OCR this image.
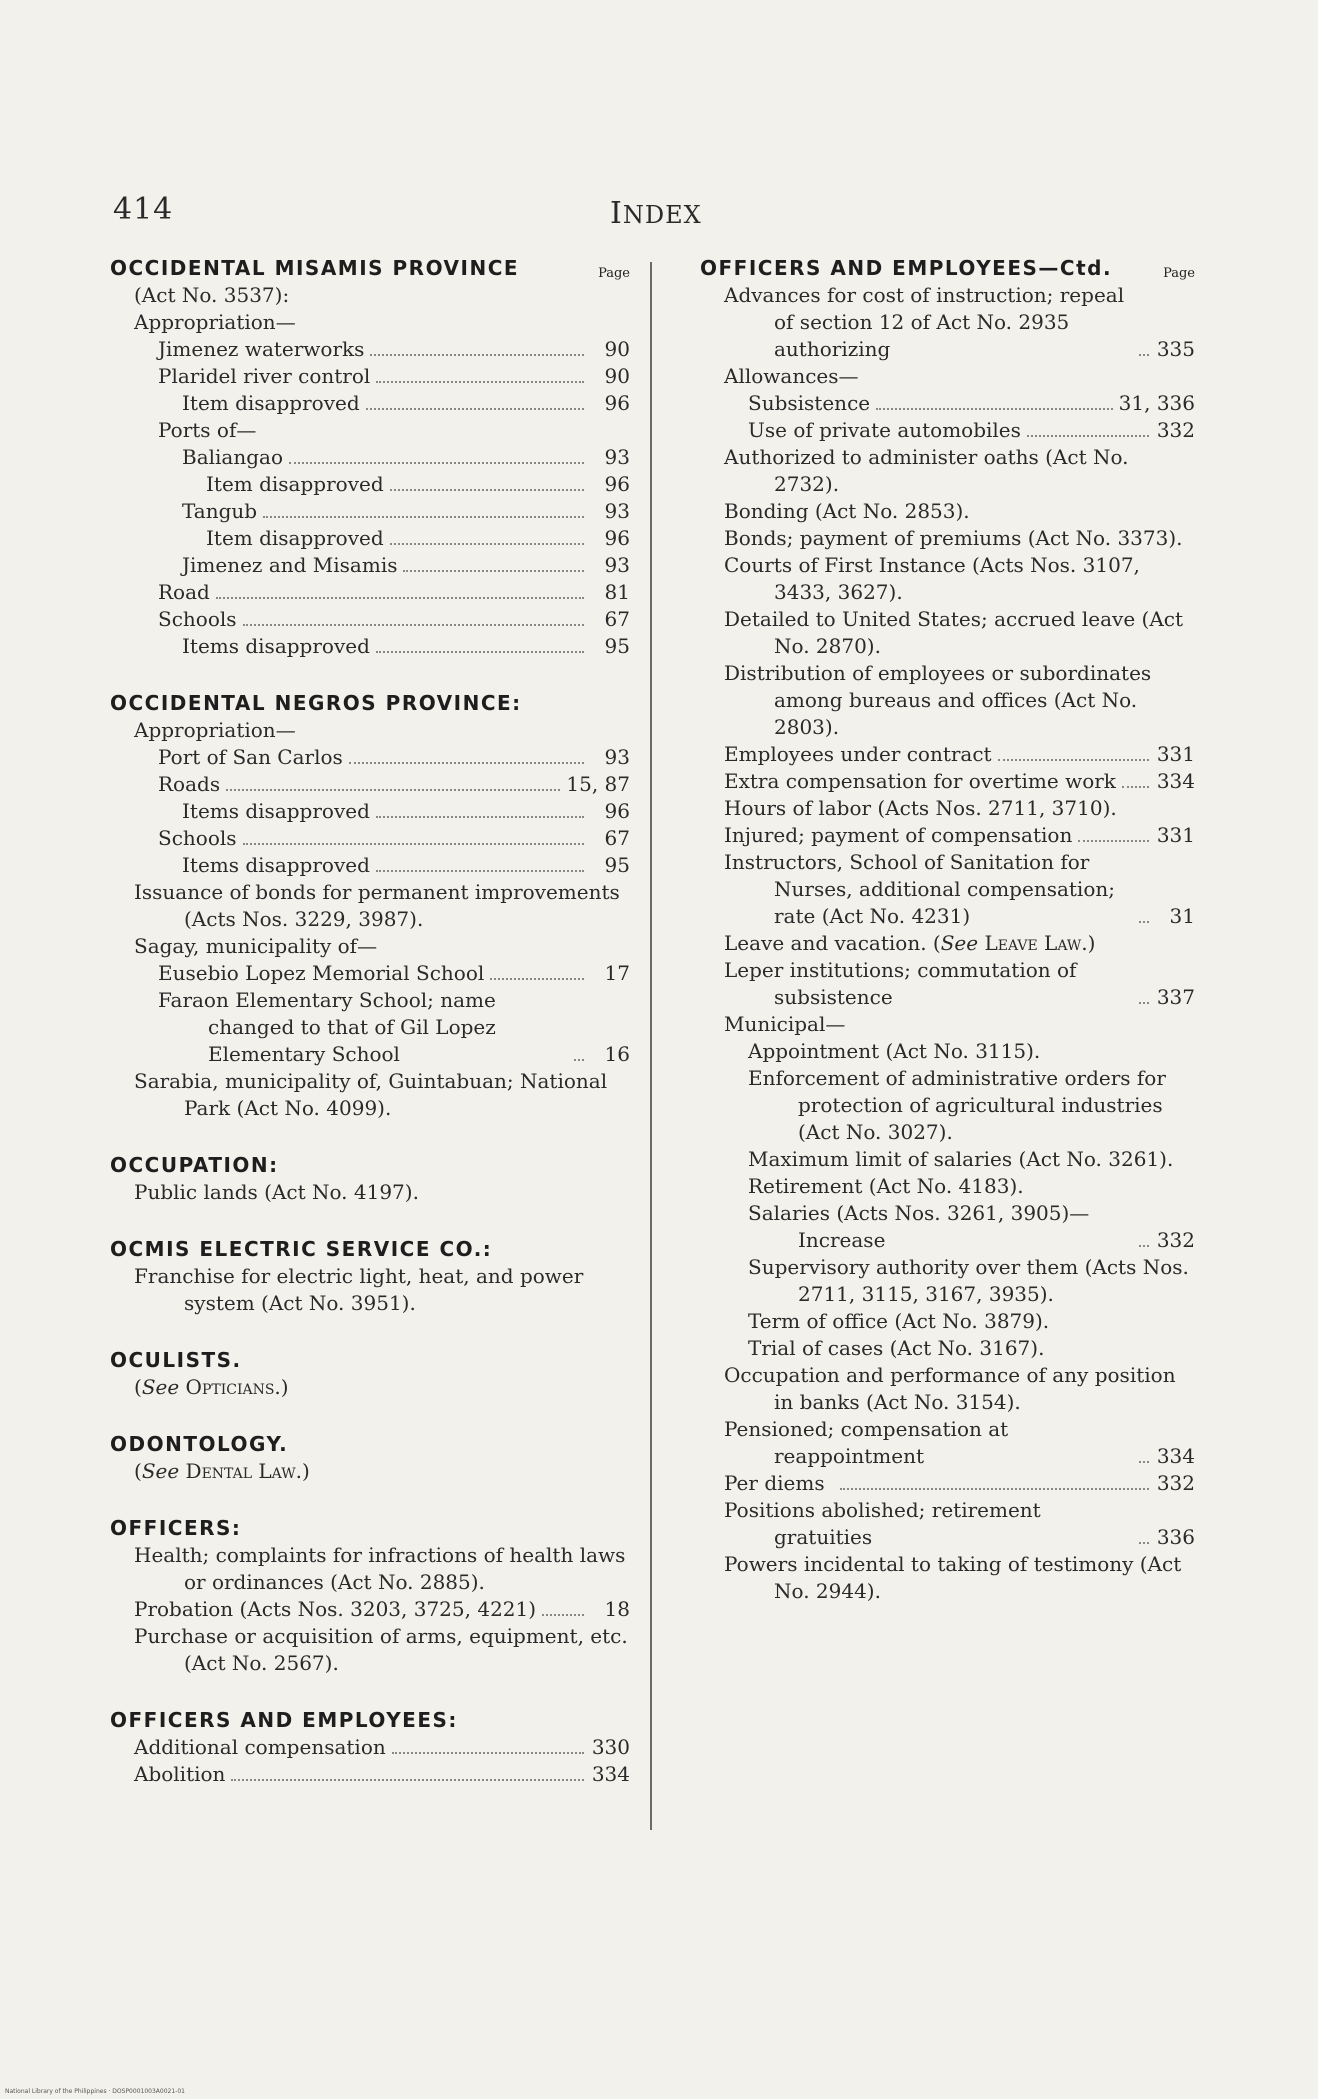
414	INDEX
OCCIDENTAL MISAMIS PROVINCE	Page
(Act No. 3537):
Appropriation—
Jimenez waterworks	90
Plaridel river control	90
Item disapproved	96
Ports of—
Baliangao	93
Item disapproved	96
Tangub	93
Item disapproved	96
Jimenez and Misamis	93
Road	81
Schools	67
Items disapproved	95
OCCIDENTAL NEGROS PROVINCE:
Appropriation—
Port of San Carlos	93
Roads	15, 87
Items disapproved	96
Schools	67
Items disapproved	95
Issuance of bonds for permanent improvements (Acts Nos. 3229, 3987).
Sagay, municipality of—
Eusebio Lopez Memorial School	17
Faraon Elementary School; name changed to that of Gil Lopez Elementary School	16
Sarabia, municipality of, Guintabuan; National Park (Act No. 4099).
OCCUPATION:
Public lands (Act No. 4197).
OCMIS ELECTRIC SERVICE CO.:
Franchise for electric light, heat, and power system (Act No. 3951).
OCULISTS.
(See Opticians.)
ODONTOLOGY.
(See Dental Law.)
OFFICERS:
Health; complaints for infractions of health laws or ordinances (Act No. 2885).
Probation (Acts Nos. 3203, 3725, 4221)	18
Purchase or acquisition of arms, equipment, etc. (Act No. 2567).
OFFICERS AND EMPLOYEES:
Additional compensation	330
Abolition	334
OFFICERS AND EMPLOYEES—Ctd.	Page
Advances for cost of instruction; repeal of section 12 of Act No. 2935 authorizing	335
Allowances—
Subsistence	31, 336
Use of private automobiles	332
Authorized to administer oaths (Act No. 2732).
Bonding (Act No. 2853).
Bonds; payment of premiums (Act No. 3373).
Courts of First Instance (Acts Nos. 3107, 3433, 3627).
Detailed to United States; accrued leave (Act No. 2870).
Distribution of employees or subordinates among bureaus and offices (Act No. 2803).
Employees under contract	331
Extra compensation for overtime work 334
Hours of labor (Acts Nos. 2711, 3710).
Injured; payment of compensation	331
Instructors, School of Sanitation for Nurses, additional compensation; rate (Act No. 4231)	31
Leave and vacation. (See Leave Law.)
Leper institutions; commutation of subsistence	337
Municipal—
Appointment (Act No. 3115).
Enforcement of administrative orders for protection of agricultural industries (Act No. 3027).
Maximum limit of salaries (Act No. 3261).
Retirement (Act No. 4183).
Salaries (Acts Nos. 3261, 3905)— Increase	332
Supervisory authority over them (Acts Nos. 2711, 3115, 3167, 3935).
Term of office (Act No. 3879).
Trial of cases (Act No. 3167).
Occupation and performance of any position in banks (Act No. 3154).
Pensioned; compensation at reappointment	334
Per diems	332
Positions abolished; retirement gratuities	336
Powers incidental to taking of testimony (Act No. 2944).
National Library of the Philippines · DOSP0001003A0021-01
